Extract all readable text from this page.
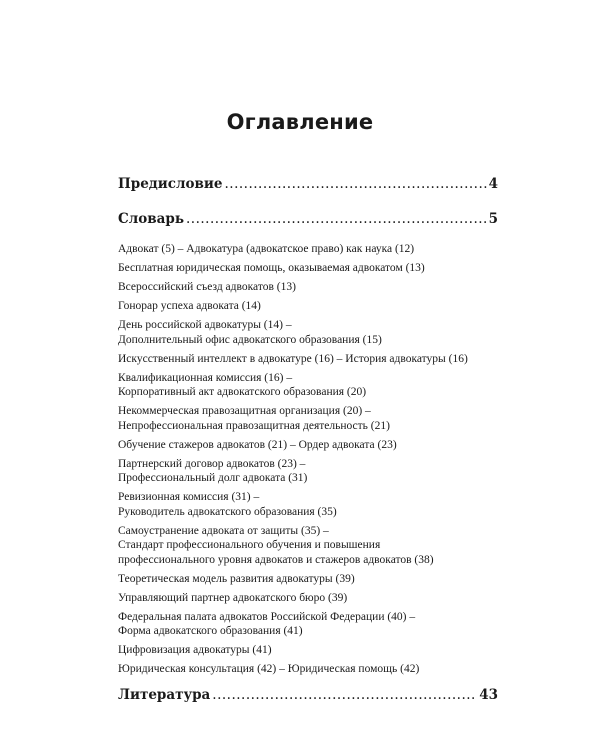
Оглавление
Предисловие .....	4
Словарь .....	5
Адвокат (5) – Адвокатура (адвокатское право) как наука (12)
Бесплатная юридическая помощь, оказываемая адвокатом (13)
Всероссийский съезд адвокатов (13)
Гонорар успеха адвоката (14)
День российской адвокатуры (14) –
Дополнительный офис адвокатского образования (15)
Искусственный интеллект в адвокатуре (16) – История адвокатуры (16)
Квалификационная комиссия (16) –
Корпоративный акт адвокатского образования (20)
Некоммерческая правозащитная организация (20) –
Непрофессиональная правозащитная деятельность (21)
Обучение стажеров адвокатов (21) – Ордер адвоката (23)
Партнерский договор адвокатов (23) –
Профессиональный долг адвоката (31)
Ревизионная комиссия (31) –
Руководитель адвокатского образования (35)
Самоустранение адвоката от защиты (35) –
Стандарт профессионального обучения и повышения
профессионального уровня адвокатов и стажеров адвокатов (38)
Теоретическая модель развития адвокатуры (39)
Управляющий партнер адвокатского бюро (39)
Федеральная палата адвокатов Российской Федерации (40) –
Форма адвокатского образования (41)
Цифровизация адвокатуры (41)
Юридическая консультация (42) – Юридическая помощь (42)
Литература .....	43
